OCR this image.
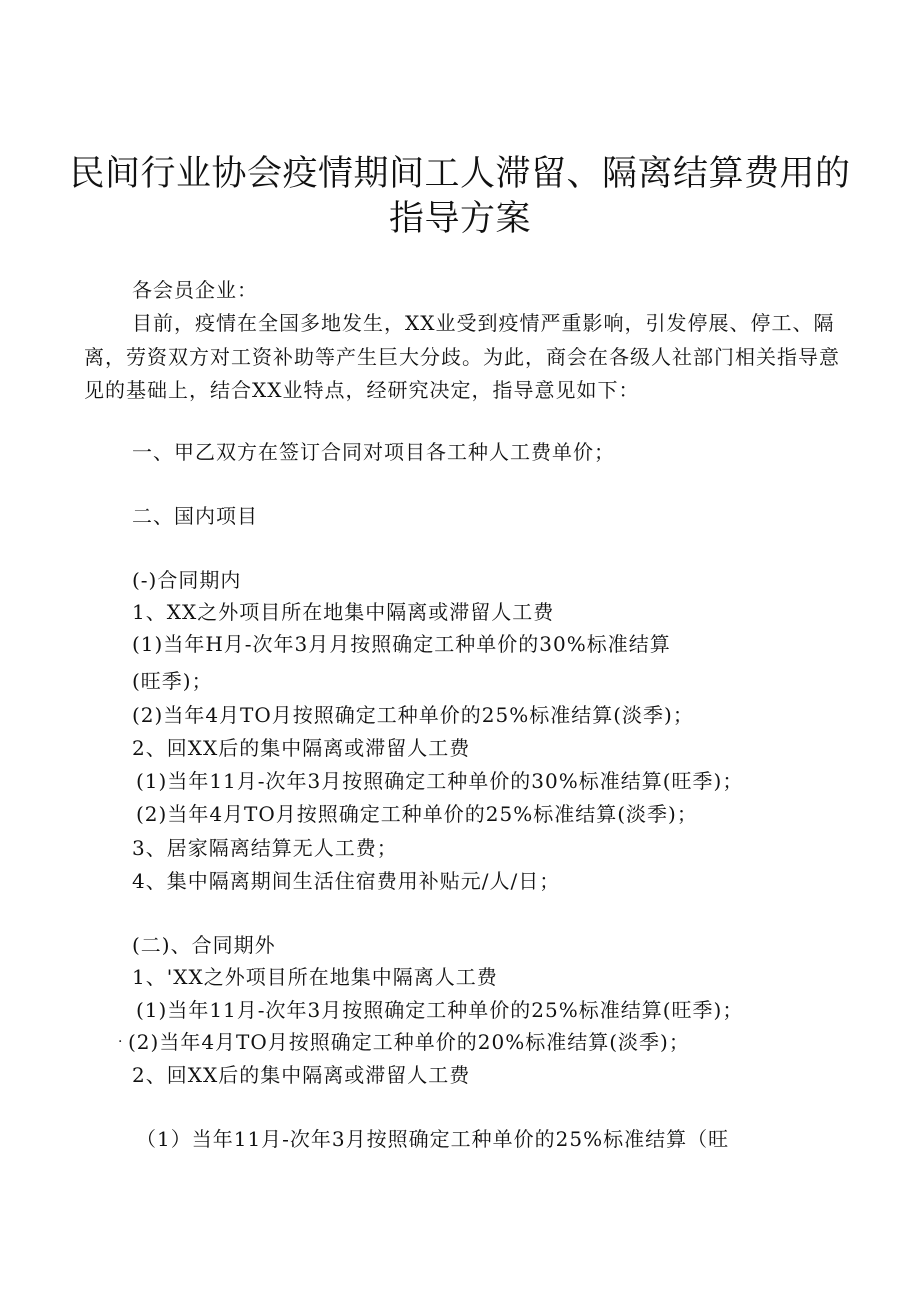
民间行业协会疫情期间工人滞留、隔离结算费用的
指导方案
各会员企业：
目前，疫情在全国多地发生，XX业受到疫情严重影响，引发停展、停工、隔离，劳资双方对工资补助等产生巨大分歧。为此，商会在各级人社部门相关指导意见的基础上，结合XX业特点，经研究决定，指导意见如下：
一、甲乙双方在签订合同对项目各工种人工费单价；
二、国内项目
(-)合同期内
1、XX之外项目所在地集中隔离或滞留人工费
(1)当年H月-次年3月月按照确定工种单价的30%标准结算
(旺季)；
(2)当年4月TO月按照确定工种单价的25%标准结算(淡季)；
2、回XX后的集中隔离或滞留人工费
(1)当年11月-次年3月按照确定工种单价的30%标准结算(旺季)；
(2)当年4月TO月按照确定工种单价的25%标准结算(淡季)；
3、居家隔离结算无人工费；
4、集中隔离期间生活住宿费用补贴元/人/日；
(二)、合同期外
1、'XX之外项目所在地集中隔离人工费
(1)当年11月-次年3月按照确定工种单价的25%标准结算(旺季)；
· (2)当年4月TO月按照确定工种单价的20%标准结算(淡季)；
2、回XX后的集中隔离或滞留人工费
（1）当年11月-次年3月按照确定工种单价的25%标准结算（旺
